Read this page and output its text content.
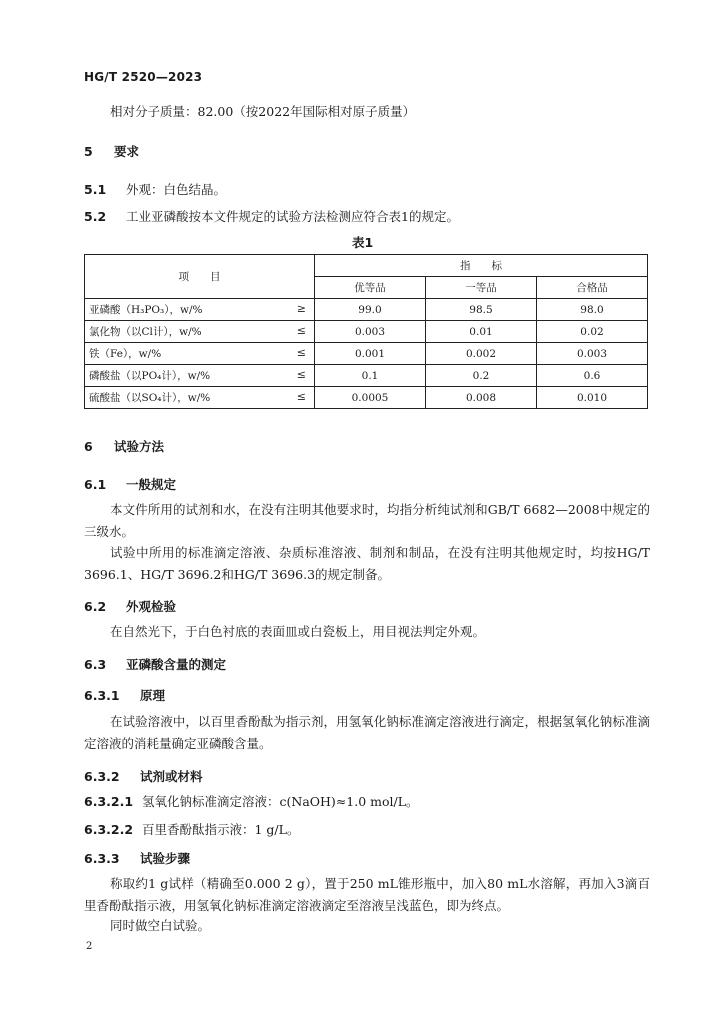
HG/T 2520—2023
相对分子质量：82.00（按2022年国际相对原子质量）
5 要求
5.1 外观：白色结晶。
5.2 工业亚磷酸按本文件规定的试验方法检测应符合表1的规定。
表1
项　　目	指　　标		
	优等品	一等品	合格品
亚磷酸（H₃PO₃），w/% ≥	99.0	98.5	98.0
氯化物（以Cl计），w/% ≤	0.003	0.01	0.02
铁（Fe），w/% ≤	0.001	0.002	0.003
磷酸盐（以PO₄计），w/% ≤	0.1	0.2	0.6
硫酸盐（以SO₄计），w/% ≤	0.0005	0.008	0.010
6 试验方法
6.1 一般规定
本文件所用的试剂和水，在没有注明其他要求时，均指分析纯试剂和GB/T 6682—2008中规定的三级水。
试验中所用的标准滴定溶液、杂质标准溶液、制剂和制品，在没有注明其他规定时，均按HG/T 3696.1、HG/T 3696.2和HG/T 3696.3的规定制备。
6.2 外观检验
在自然光下，于白色衬底的表面皿或白瓷板上，用目视法判定外观。
6.3 亚磷酸含量的测定
6.3.1 原理
在试验溶液中，以百里香酚酞为指示剂，用氢氧化钠标准滴定溶液进行滴定，根据氢氧化钠标准滴定溶液的消耗量确定亚磷酸含量。
6.3.2 试剂或材料
6.3.2.1 氢氧化钠标准滴定溶液：c(NaOH)≈1.0 mol/L。
6.3.2.2 百里香酚酞指示液：1 g/L。
6.3.3 试验步骤
称取约1 g试样（精确至0.000 2 g），置于250 mL锥形瓶中，加入80 mL水溶解，再加入3滴百里香酚酞指示液，用氢氧化钠标准滴定溶液滴定至溶液呈浅蓝色，即为终点。
同时做空白试验。
2
